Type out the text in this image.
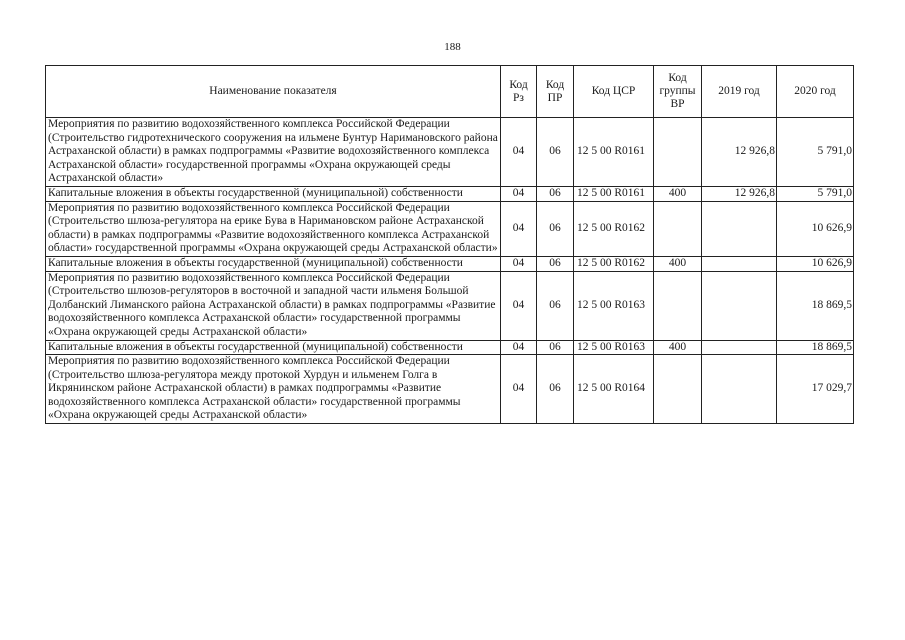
188
Наименование показателя	Код Рз	Код ПР	Код ЦСР	Код группы ВР	2019 год	2020 год
Мероприятия по развитию водохозяйственного комплекса Российской Федерации (Строительство гидротехнического сооружения на ильмене Бунтур Наримановского района Астраханской области) в рамках подпрограммы «Развитие водохозяйственного комплекса Астраханской области» государственной программы «Охрана окружающей среды Астраханской области»	04	06	12 5 00 R0161		12 926,8	5 791,0
Капитальные вложения в объекты государственной (муниципальной) собственности	04	06	12 5 00 R0161	400	12 926,8	5 791,0
Мероприятия по развитию водохозяйственного комплекса Российской Федерации (Строительство шлюза-регулятора на ерике Бува в Наримановском районе Астраханской области) в рамках подпрограммы «Развитие водохозяйственного комплекса Астраханской области» государственной программы «Охрана окружающей среды Астраханской области»	04	06	12 5 00 R0162			10 626,9
Капитальные вложения в объекты государственной (муниципальной) собственности	04	06	12 5 00 R0162	400		10 626,9
Мероприятия по развитию водохозяйственного комплекса Российской Федерации (Строительство шлюзов-регуляторов в восточной и западной части ильменя Большой Долбанский Лиманского района Астраханской области) в рамках подпрограммы «Развитие водохозяйственного комплекса Астраханской области» государственной программы «Охрана окружающей среды Астраханской области»	04	06	12 5 00 R0163			18 869,5
Капитальные вложения в объекты государственной (муниципальной) собственности	04	06	12 5 00 R0163	400		18 869,5
Мероприятия по развитию водохозяйственного комплекса Российской Федерации (Строительство шлюза-регулятора между протокой Хурдун и ильменем Голга в Икрянинском районе Астраханской области) в рамках подпрограммы «Развитие водохозяйственного комплекса Астраханской области» государственной программы «Охрана окружающей среды Астраханской области»	04	06	12 5 00 R0164			17 029,7
